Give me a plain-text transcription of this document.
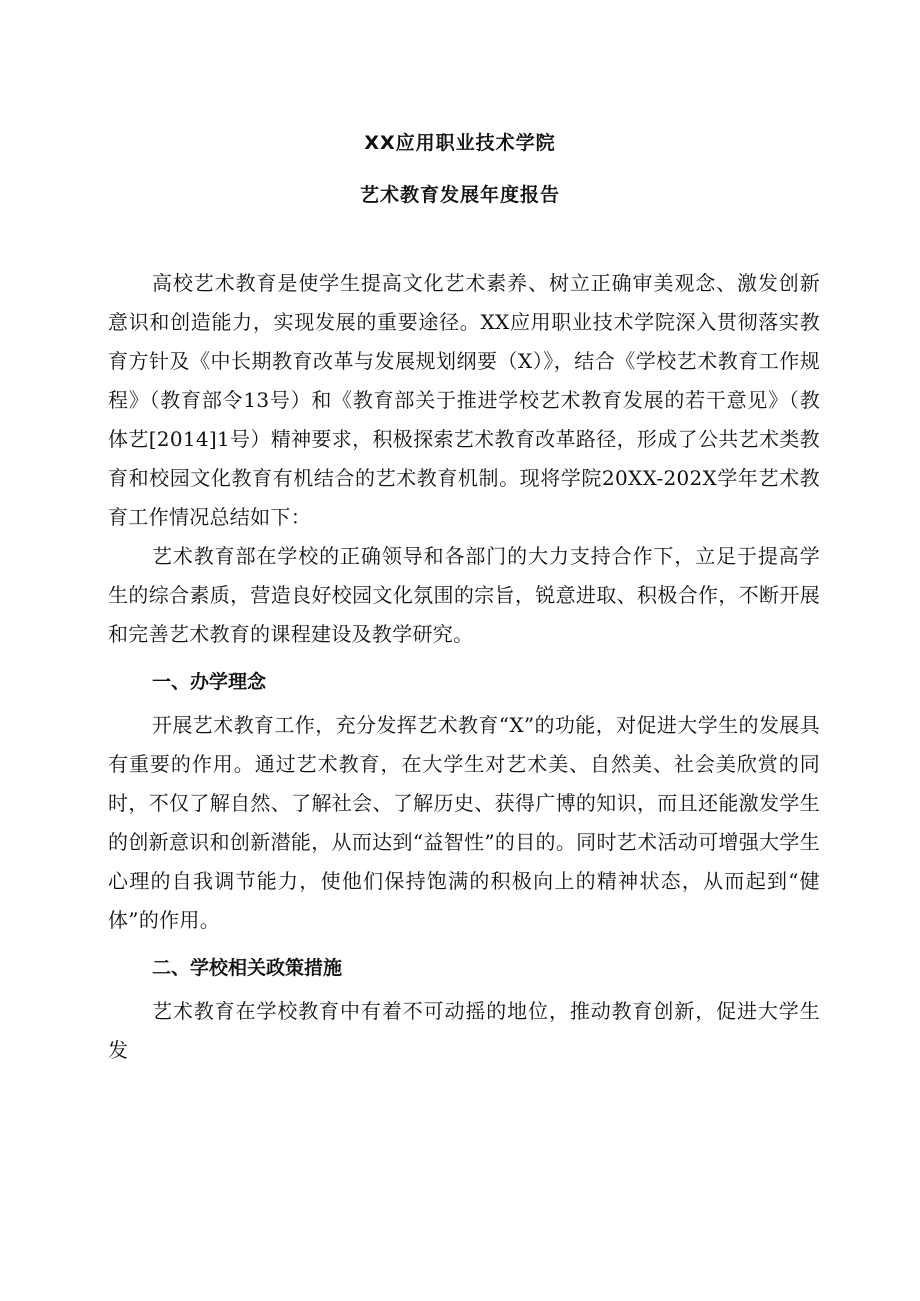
XX应用职业技术学院
艺术教育发展年度报告

高校艺术教育是使学生提高文化艺术素养、树立正确审美观念、激发创新意识和创造能力，实现发展的重要途径。XX应用职业技术学院深入贯彻落实教育方针及《中长期教育改革与发展规划纲要（X）》，结合《学校艺术教育工作规程》（教育部令13号）和《教育部关于推进学校艺术教育发展的若干意见》（教体艺[2014]1号）精神要求，积极探索艺术教育改革路径，形成了公共艺术类教育和校园文化教育有机结合的艺术教育机制。现将学院20XX-202X学年艺术教育工作情况总结如下：

艺术教育部在学校的正确领导和各部门的大力支持合作下，立足于提高学生的综合素质，营造良好校园文化氛围的宗旨，锐意进取、积极合作，不断开展和完善艺术教育的课程建设及教学研究。

一、办学理念

开展艺术教育工作，充分发挥艺术教育“X”的功能，对促进大学生的发展具有重要的作用。通过艺术教育，在大学生对艺术美、自然美、社会美欣赏的同时，不仅了解自然、了解社会、了解历史、获得广博的知识，而且还能激发学生的创新意识和创新潜能，从而达到“益智性”的目的。同时艺术活动可增强大学生心理的自我调节能力，使他们保持饱满的积极向上的精神状态，从而起到“健体”的作用。

二、学校相关政策措施

艺术教育在学校教育中有着不可动摇的地位，推动教育创新，促进大学生发
